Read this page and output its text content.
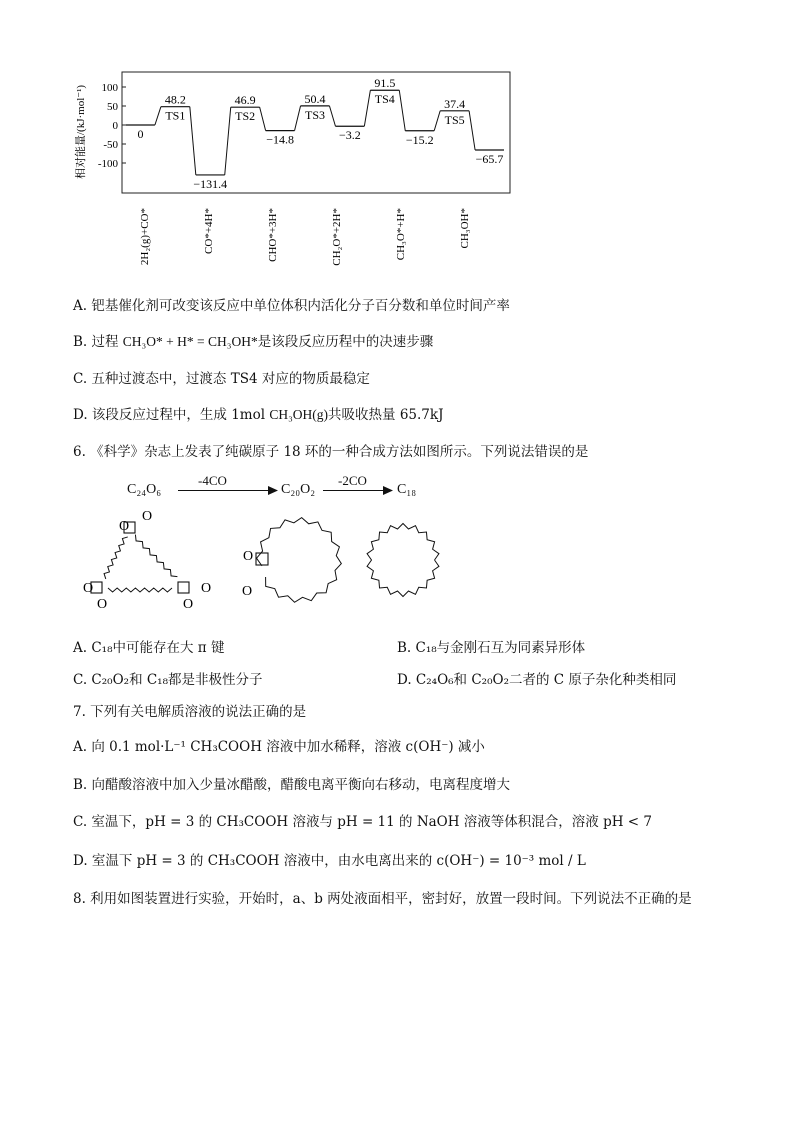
100
50
0
-50
-100
0
48.2
TS1
−131.4
46.9
TS2
−14.8
50.4
TS3
−3.2
91.5
TS4
−15.2
37.4
TS5
−65.7
2H₂(g)+CO*	CO*+4H*	CHO*+3H*	CH₂O*+2H*	CH₃O*+H*	CH₃OH*
相对能量/(kJ·mol⁻¹)
A. 钯基催化剂可改变该反应中单位体积内活化分子百分数和单位时间产率
B. 过程 CH₃O* + H* = CH₃OH*是该段反应历程中的决速步骤
C. 五种过渡态中，过渡态 TS4 对应的物质最稳定
D. 该段反应过程中，生成 1mol CH₃OH(g)共吸收热量 65.7kJ
6. 《科学》杂志上发表了纯碳原子 18 环的一种合成方法如图所示。下列说法错误的是
C₂₄O₆
-4CO
C₂₀O₂
-2CO
C₁₈
O
O
O
O
O
O
O
O
A. C₁₈中可能存在大 π 键	B. C₁₈与金刚石互为同素异形体
C. C₂₀O₂和 C₁₈都是非极性分子	D. C₂₄O₆和 C₂₀O₂二者的 C 原子杂化种类相同
7. 下列有关电解质溶液的说法正确的是
A. 向 0.1 mol·L⁻¹ CH₃COOH 溶液中加水稀释，溶液 c(OH⁻) 减小
B. 向醋酸溶液中加入少量冰醋酸，醋酸电离平衡向右移动，电离程度增大
C. 室温下，pH = 3 的 CH₃COOH 溶液与 pH = 11 的 NaOH 溶液等体积混合，溶液 pH < 7
D. 室温下 pH = 3 的 CH₃COOH 溶液中，由水电离出来的 c(OH⁻) = 10⁻³ mol / L
8. 利用如图装置进行实验，开始时，a、b 两处液面相平，密封好，放置一段时间。下列说法不正确的是
